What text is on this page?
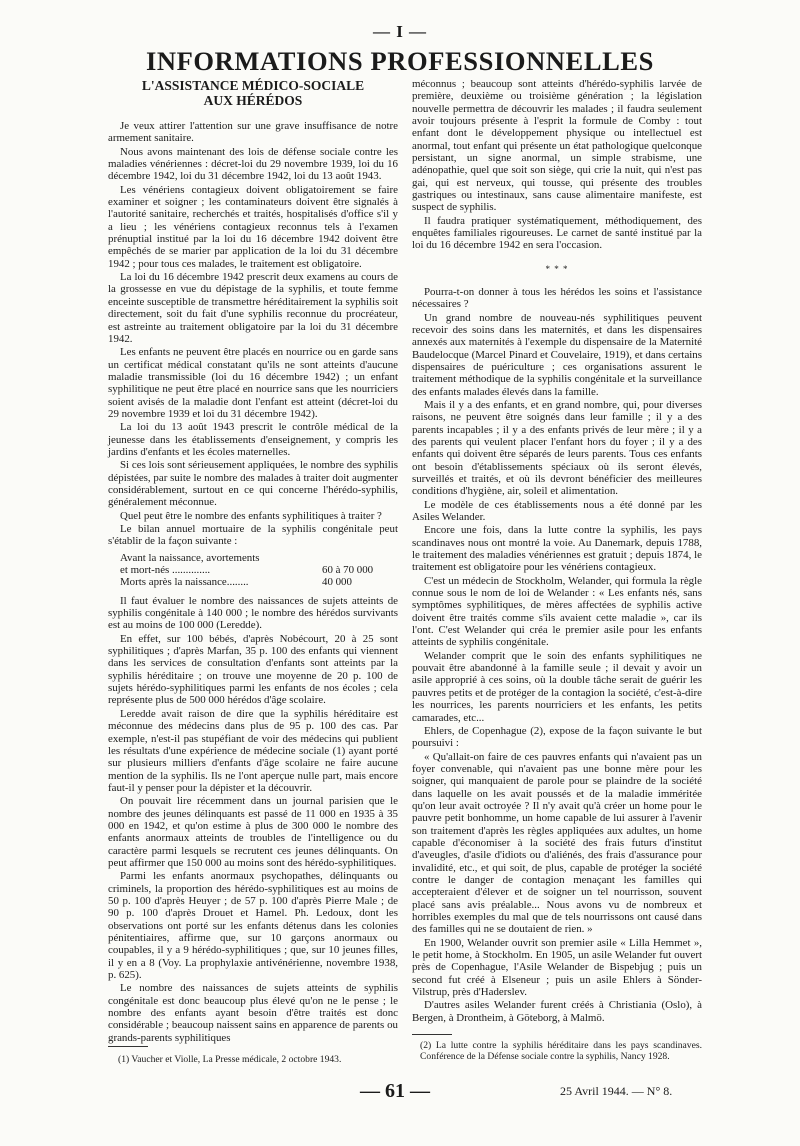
— I —
INFORMATIONS PROFESSIONNELLES
L'ASSISTANCE MÉDICO-SOCIALE
AUX HÉRÉDOS

Je veux attirer l'attention sur une grave insuffisance de notre armement sanitaire.

Nous avons maintenant des lois de défense sociale contre les maladies vénériennes : décret-loi du 29 novembre 1939, loi du 16 décembre 1942, loi du 31 décembre 1942, loi du 13 août 1943.

Les vénériens contagieux doivent obligatoirement se faire examiner et soigner ; les contaminateurs doivent être signalés à l'autorité sanitaire, recherchés et traités, hospitalisés d'office s'il y a lieu ; les vénériens contagieux reconnus tels à l'examen prénuptial institué par la loi du 16 décembre 1942 doivent être empêchés de se marier par application de la loi du 31 décembre 1942 ; pour tous ces malades, le traitement est obligatoire.

La loi du 16 décembre 1942 prescrit deux examens au cours de la grossesse en vue du dépistage de la syphilis, et toute femme enceinte susceptible de transmettre héréditairement la syphilis soit directement, soit du fait d'une syphilis reconnue du procréateur, est astreinte au traitement obligatoire par la loi du 31 décembre 1942.

Les enfants ne peuvent être placés en nourrice ou en garde sans un certificat médical constatant qu'ils ne sont atteints d'aucune maladie transmissible (loi du 16 décembre 1942) ; un enfant syphilitique ne peut être placé en nourrice sans que les nourriciers soient avisés de la maladie dont l'enfant est atteint (décret-loi du 29 novembre 1939 et loi du 31 décembre 1942).

La loi du 13 août 1943 prescrit le contrôle médical de la jeunesse dans les établissements d'enseignement, y compris les jardins d'enfants et les écoles maternelles.

Si ces lois sont sérieusement appliquées, le nombre des syphilis dépistées, par suite le nombre des malades à traiter doit augmenter considérablement, surtout en ce qui concerne l'hérédo-syphilis, généralement méconnue.

Quel peut être le nombre des enfants syphilitiques à traiter ?

Le bilan annuel mortuaire de la syphilis congénitale peut s'établir de la façon suivante :

Avant la naissance, avortements
et mort-nés ..............	60 à 70 000
Morts après la naissance........	40 000

Il faut évaluer le nombre des naissances de sujets atteints de syphilis congénitale à 140 000 ; le nombre des hérédos survivants est au moins de 100 000 (Leredde).

En effet, sur 100 bébés, d'après Nobécourt, 20 à 25 sont syphilitiques ; d'après Marfan, 35 p. 100 des enfants qui viennent dans les services de consultation d'enfants sont atteints par la syphilis héréditaire ; on trouve une moyenne de 20 p. 100 de sujets hérédo-syphilitiques parmi les enfants de nos écoles ; cela représente plus de 500 000 hérédos d'âge scolaire.

Leredde avait raison de dire que la syphilis héréditaire est méconnue des médecins dans plus de 95 p. 100 des cas. Par exemple, n'est-il pas stupéfiant de voir des médecins qui publient les résultats d'une expérience de médecine sociale (1) ayant porté sur plusieurs milliers d'enfants d'âge scolaire ne faire aucune mention de la syphilis. Ils ne l'ont aperçue nulle part, mais encore faut-il y penser pour la dépister et la découvrir.

On pouvait lire récemment dans un journal parisien que le nombre des jeunes délinquants est passé de 11 000 en 1935 à 35 000 en 1942, et qu'on estime à plus de 300 000 le nombre des enfants anormaux atteints de troubles de l'intelligence ou du caractère parmi lesquels se recrutent ces jeunes délinquants. On peut affirmer que 150 000 au moins sont des hérédo-syphilitiques.

Parmi les enfants anormaux psychopathes, délinquants ou criminels, la proportion des hérédo-syphilitiques est au moins de 50 p. 100 d'après Heuyer ; de 57 p. 100 d'après Pierre Male ; de 90 p. 100 d'après Drouet et Hamel. Ph. Ledoux, dont les observations ont porté sur les enfants détenus dans les colonies pénitentiaires, affirme que, sur 10 garçons anormaux ou coupables, il y a 9 hérédo-syphilitiques ; que, sur 10 jeunes filles, il y en a 8 (Voy. La prophylaxie antivénérienne, novembre 1938, p. 625).

Le nombre des naissances de sujets atteints de syphilis congénitale est donc beaucoup plus élevé qu'on ne le pense ; le nombre des enfants ayant besoin d'être traités est donc considérable ; beaucoup naissent sains en apparence de parents ou grands-parents syphilitiques

méconnus ; beaucoup sont atteints d'hérédo-syphilis larvée de première, deuxième ou troisième génération ; la législation nouvelle permettra de découvrir les malades ; il faudra seulement avoir toujours présente à l'esprit la formule de Comby : tout enfant dont le développement physique ou intellectuel est anormal, tout enfant qui présente un état pathologique quelconque persistant, un signe anormal, un simple strabisme, une adénopathie, quel que soit son siège, qui crie la nuit, qui n'est pas gai, qui est nerveux, qui tousse, qui présente des troubles gastriques ou intestinaux, sans cause alimentaire manifeste, est suspect de syphilis.

Il faudra pratiquer systématiquement, méthodiquement, des enquêtes familiales rigoureuses. Le carnet de santé institué par la loi du 16 décembre 1942 en sera l'occasion.

* * *

Pourra-t-on donner à tous les hérédos les soins et l'assistance nécessaires ?

Un grand nombre de nouveau-nés syphilitiques peuvent recevoir des soins dans les maternités, et dans les dispensaires annexés aux maternités à l'exemple du dispensaire de la Maternité Baudelocque (Marcel Pinard et Couvelaire, 1919), et dans certains dispensaires de puériculture ; ces organisations assurent le traitement méthodique de la syphilis congénitale et la surveillance des enfants malades élevés dans la famille.

Mais il y a des enfants, et en grand nombre, qui, pour diverses raisons, ne peuvent être soignés dans leur famille ; il y a des parents incapables ; il y a des enfants privés de leur mère ; il y a des parents qui veulent placer l'enfant hors du foyer ; il y a des enfants qui doivent être séparés de leurs parents. Tous ces enfants ont besoin d'établissements spéciaux où ils seront élevés, surveillés et traités, et où ils devront bénéficier des meilleures conditions d'hygiène, air, soleil et alimentation.

Le modèle de ces établissements nous a été donné par les Asiles Welander.

Encore une fois, dans la lutte contre la syphilis, les pays scandinaves nous ont montré la voie. Au Danemark, depuis 1788, le traitement des maladies vénériennes est gratuit ; depuis 1874, le traitement est obligatoire pour les vénériens contagieux.

C'est un médecin de Stockholm, Welander, qui formula la règle connue sous le nom de loi de Welander : « Les enfants nés, sans symptômes syphilitiques, de mères affectées de syphilis active doivent être traités comme s'ils avaient cette maladie », car ils l'ont. C'est Welander qui créa le premier asile pour les enfants atteints de syphilis congénitale.

Welander comprit que le soin des enfants syphilitiques ne pouvait être abandonné à la famille seule ; il devait y avoir un asile approprié à ces soins, où la double tâche serait de guérir les pauvres petits et de protéger de la contagion la société, c'est-à-dire les nourrices, les parents nourriciers et les enfants, les petits camarades, etc...

Ehlers, de Copenhague (2), expose de la façon suivante le but poursuivi :

« Qu'allait-on faire de ces pauvres enfants qui n'avaient pas un foyer convenable, qui n'avaient pas une bonne mère pour les soigner, qui manquaient de parole pour se plaindre de la société dans laquelle on les avait poussés et de la maladie imméritée qu'on leur avait octroyée ? Il n'y avait qu'à créer un home pour le pauvre petit bonhomme, un home capable de lui assurer à l'avenir son traitement d'après les règles appliquées aux adultes, un home capable d'économiser à la société des frais futurs d'institut d'aveugles, d'asile d'idiots ou d'aliénés, des frais d'assurance pour invalidité, etc., et qui soit, de plus, capable de protéger la société contre le danger de contagion menaçant les familles qui accepteraient d'élever et de soigner un tel nourrisson, souvent placé sans avis préalable... Nous avons vu de nombreux et horribles exemples du mal que de tels nourrissons ont causé dans des familles qui ne se doutaient de rien. »

En 1900, Welander ouvrit son premier asile « Lilla Hemmet », le petit home, à Stockholm. En 1905, un asile Welander fut ouvert près de Copenhague, l'Asile Welander de Bispebjug ; puis un second fut créé à Elseneur ; puis un asile Ehlers à Sönder-Vilstrup, près d'Haderslev.

D'autres asiles Welander furent créés à Christiania (Oslo), à Bergen, à Drontheim, à Göteborg, à Malmö.

(1) Vaucher et Violle, La Presse médicale, 2 octobre 1943.
(2) La lutte contre la syphilis héréditaire dans les pays scandinaves. Conférence de la Défense sociale contre la syphilis, Nancy 1928.
— 61 —	25 Avril 1944. — N° 8.
